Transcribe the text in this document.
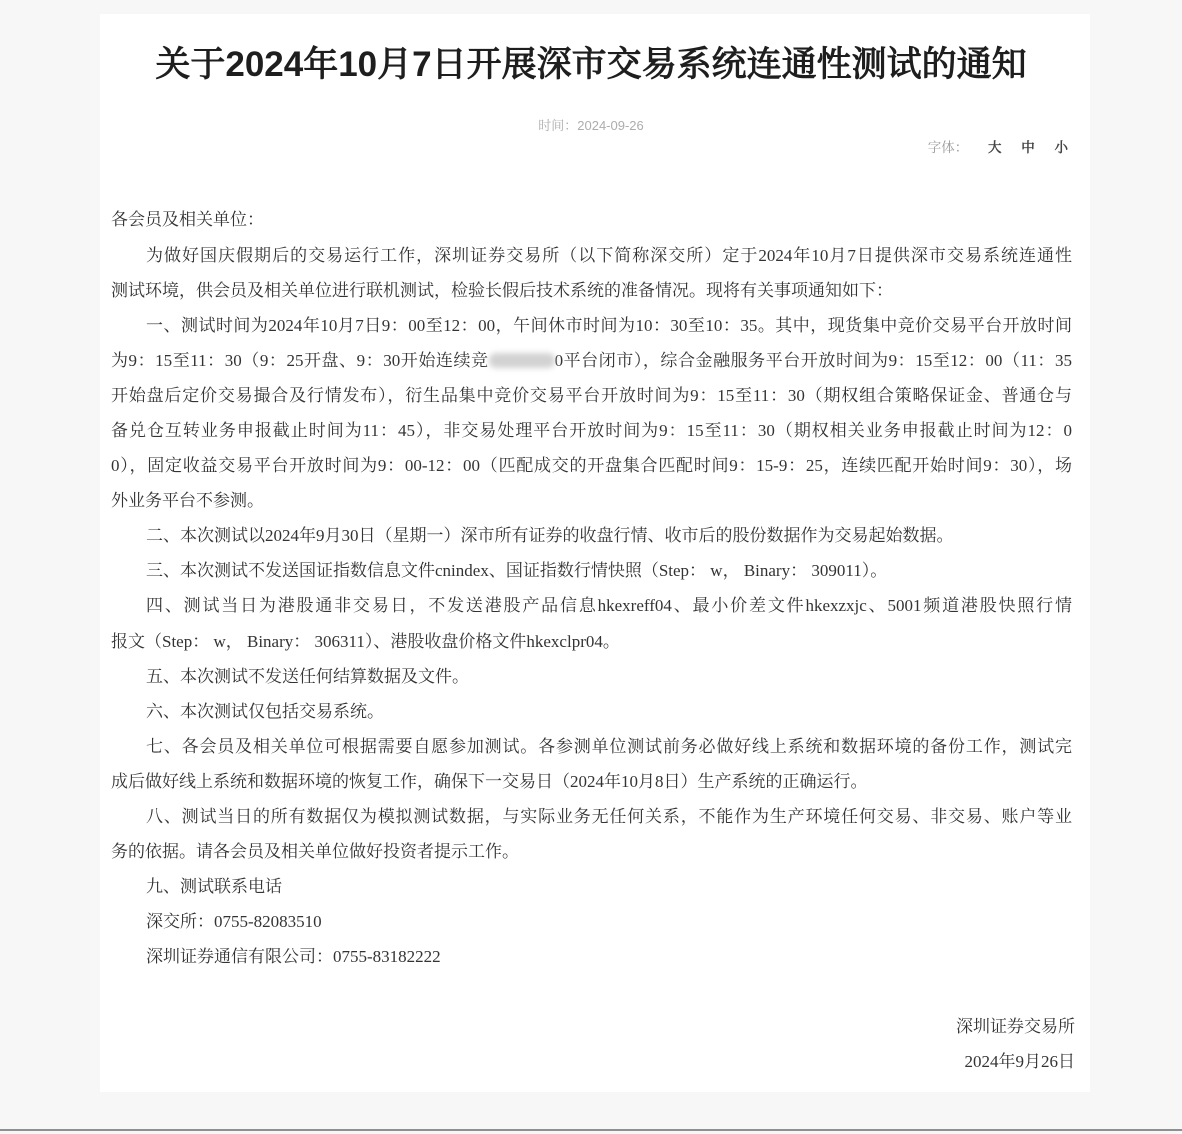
关于2024年10月7日开展深市交易系统连通性测试的通知
时间：2024-09-26
字体： 大 中 小
各会员及相关单位：
为做好国庆假期后的交易运行工作，深圳证券交易所（以下简称深交所）定于2024年10月7日提供深市交易系统连通性
测试环境，供会员及相关单位进行联机测试，检验长假后技术系统的准备情况。现将有关事项通知如下：
一、测试时间为2024年10月7日9：00至12：00，午间休市时间为10：30至10：35。其中，现货集中竞价交易平台开放时间
为9：15至11：30（9：25开盘、9：30开始连续竞	0平台闭市），综合金融服务平台开放时间为9：15至12：00（11：35
开始盘后定价交易撮合及行情发布），衍生品集中竞价交易平台开放时间为9：15至11：30（期权组合策略保证金、普通仓与
备兑仓互转业务申报截止时间为11：45），非交易处理平台开放时间为9：15至11：30（期权相关业务申报截止时间为12：0
0），固定收益交易平台开放时间为9：00-12：00（匹配成交的开盘集合匹配时间9：15-9：25，连续匹配开始时间9：30），场
外业务平台不参测。
二、本次测试以2024年9月30日（星期一）深市所有证券的收盘行情、收市后的股份数据作为交易起始数据。
三、本次测试不发送国证指数信息文件cnindex、国证指数行情快照（Step： w， Binary： 309011）。
四、测试当日为港股通非交易日，不发送港股产品信息hkexreff04、最小价差文件hkexzxjc、5001频道港股快照行情
报文（Step： w， Binary： 306311）、港股收盘价格文件hkexclpr04。
五、本次测试不发送任何结算数据及文件。
六、本次测试仅包括交易系统。
七、各会员及相关单位可根据需要自愿参加测试。各参测单位测试前务必做好线上系统和数据环境的备份工作，测试完
成后做好线上系统和数据环境的恢复工作，确保下一交易日（2024年10月8日）生产系统的正确运行。
八、测试当日的所有数据仅为模拟测试数据，与实际业务无任何关系，不能作为生产环境任何交易、非交易、账户等业
务的依据。请各会员及相关单位做好投资者提示工作。
九、测试联系电话
深交所：0755-82083510
深圳证券通信有限公司：0755-83182222
深圳证券交易所
2024年9月26日
